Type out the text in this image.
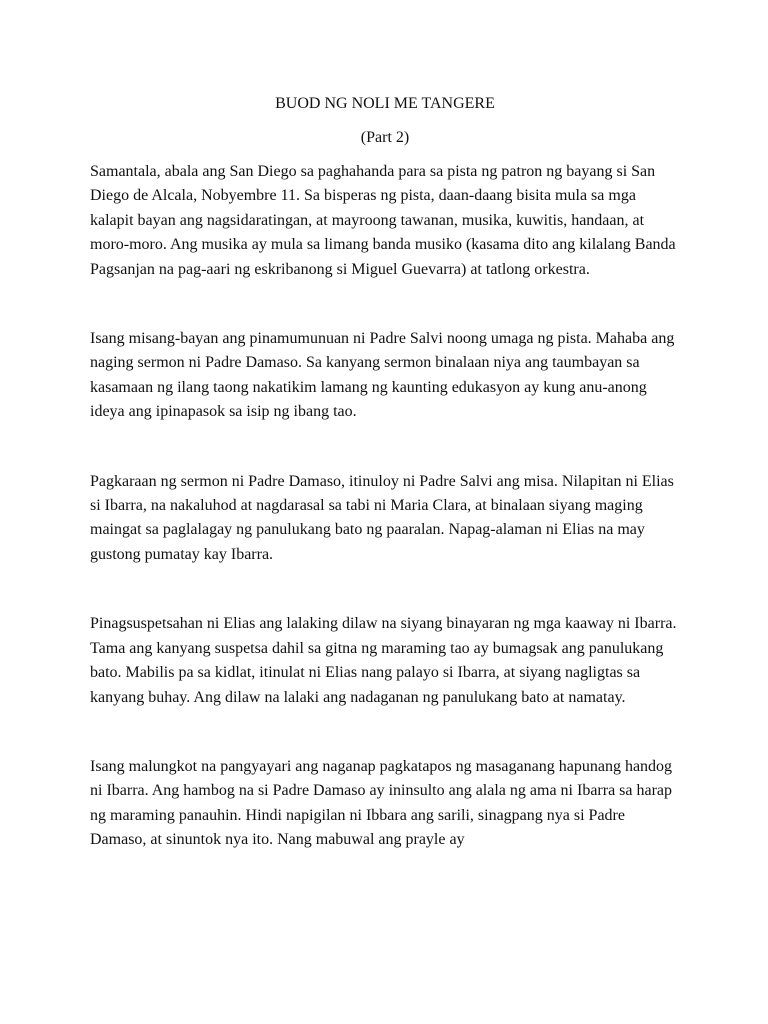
BUOD NG NOLI ME TANGERE
(Part 2)

Samantala, abala ang San Diego sa paghahanda para sa pista ng patron ng bayang si San Diego de Alcala, Nobyembre 11. Sa bisperas ng pista, daan-daang bisita mula sa mga kalapit bayan ang nagsidaratingan, at mayroong tawanan, musika, kuwitis, handaan, at moro-moro. Ang musika ay mula sa limang banda musiko (kasama dito ang kilalang Banda Pagsanjan na pag-aari ng eskribanong si Miguel Guevarra) at tatlong orkestra.

Isang misang-bayan ang pinamumunuan ni Padre Salvi noong umaga ng pista. Mahaba ang naging sermon ni Padre Damaso. Sa kanyang sermon binalaan niya ang taumbayan sa kasamaan ng ilang taong nakatikim lamang ng kaunting edukasyon ay kung anu-anong ideya ang ipinapasok sa isip ng ibang tao.

Pagkaraan ng sermon ni Padre Damaso, itinuloy ni Padre Salvi ang misa. Nilapitan ni Elias si Ibarra, na nakaluhod at nagdarasal sa tabi ni Maria Clara, at binalaan siyang maging maingat sa paglalagay ng panulukang bato ng paaralan. Napag-alaman ni Elias na may gustong pumatay kay Ibarra.

Pinagsuspetsahan ni Elias ang lalaking dilaw na siyang binayaran ng mga kaaway ni Ibarra. Tama ang kanyang suspetsa dahil sa gitna ng maraming tao ay bumagsak ang panulukang bato. Mabilis pa sa kidlat, itinulat ni Elias nang palayo si Ibarra, at siyang nagligtas sa kanyang buhay. Ang dilaw na lalaki ang nadaganan ng panulukang bato at namatay.

Isang malungkot na pangyayari ang naganap pagkatapos ng masaganang hapunang handog ni Ibarra. Ang hambog na si Padre Damaso ay ininsulto ang alala ng ama ni Ibarra sa harap ng maraming panauhin. Hindi napigilan ni Ibbara ang sarili, sinagpang nya si Padre Damaso, at sinuntok nya ito. Nang mabuwal ang prayle ay
